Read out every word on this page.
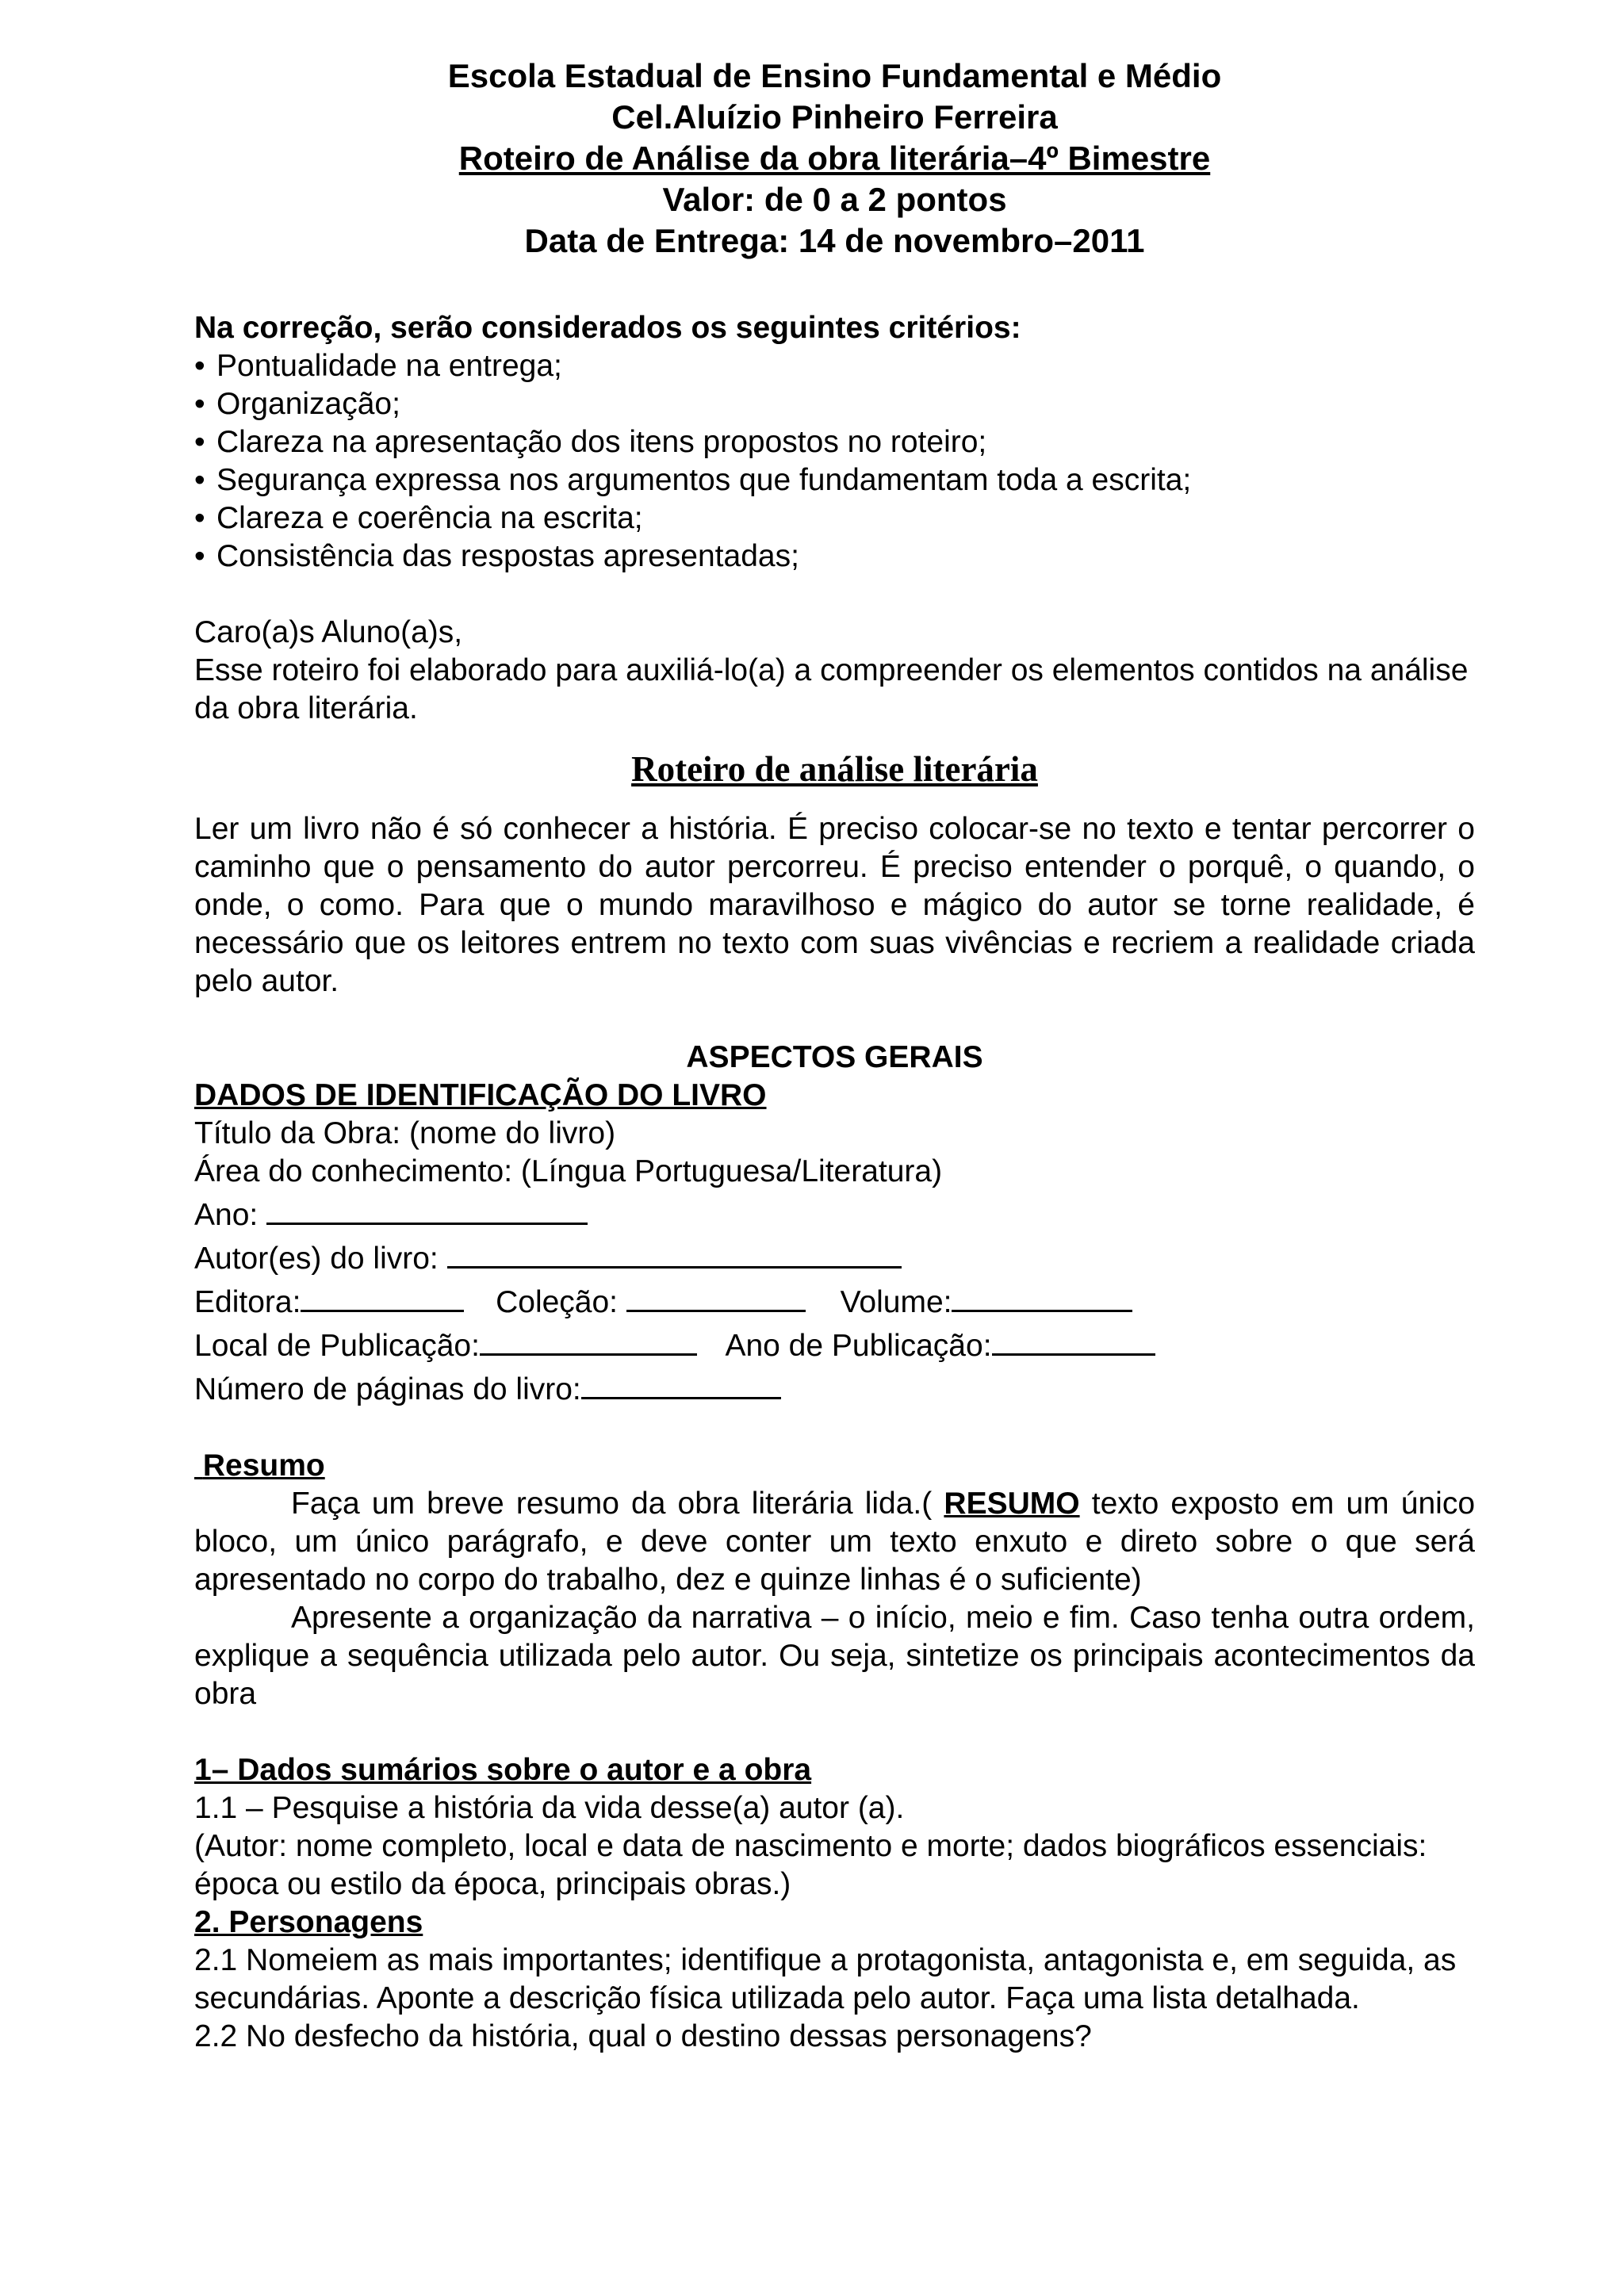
Escola Estadual de Ensino Fundamental e Médio
Cel.Aluízio Pinheiro Ferreira
Roteiro de Análise da obra literária–4º Bimestre
Valor: de 0 a 2 pontos
Data de Entrega: 14 de novembro–2011
Na correção, serão considerados os seguintes critérios:
• Pontualidade na entrega;
• Organização;
• Clareza na apresentação dos itens propostos no roteiro;
• Segurança expressa nos argumentos que fundamentam toda a escrita;
• Clareza e coerência na escrita;
• Consistência das respostas apresentadas;
Caro(a)s Aluno(a)s,
Esse roteiro foi elaborado para auxiliá-lo(a) a compreender os elementos contidos na análise da obra literária.
Roteiro de análise literária
Ler um livro não é só conhecer a história. É preciso colocar-se no texto e tentar percorrer o caminho que o pensamento do autor percorreu. É preciso entender o porquê, o quando, o onde, o como. Para que o mundo maravilhoso e mágico do autor se torne realidade, é necessário que os leitores entrem no texto com suas vivências e recriem a realidade criada pelo autor.
ASPECTOS GERAIS
DADOS DE IDENTIFICAÇÃO DO LIVRO
Título da Obra: (nome do livro)
Área do conhecimento: (Língua Portuguesa/Literatura)
Ano:
Autor(es) do livro:
Editora:	Coleção:	Volume:
Local de Publicação:	Ano de Publicação:
Número de páginas do livro:
Resumo
Faça um breve resumo da obra literária lida.( RESUMO texto exposto em um único bloco, um único parágrafo, e deve conter um texto enxuto e direto sobre o que será apresentado no corpo do trabalho, dez e quinze linhas é o suficiente)
Apresente a organização da narrativa – o início, meio e fim. Caso tenha outra ordem, explique a sequência utilizada pelo autor. Ou seja, sintetize os principais acontecimentos da obra
1– Dados sumários sobre o autor e a obra
1.1 – Pesquise a história da vida desse(a) autor (a).
(Autor: nome completo, local e data de nascimento e morte; dados biográficos essenciais: época ou estilo da época, principais obras.)
2. Personagens
2.1 Nomeiem as mais importantes; identifique a protagonista, antagonista e, em seguida, as secundárias. Aponte a descrição física utilizada pelo autor. Faça uma lista detalhada.
2.2 No desfecho da história, qual o destino dessas personagens?
